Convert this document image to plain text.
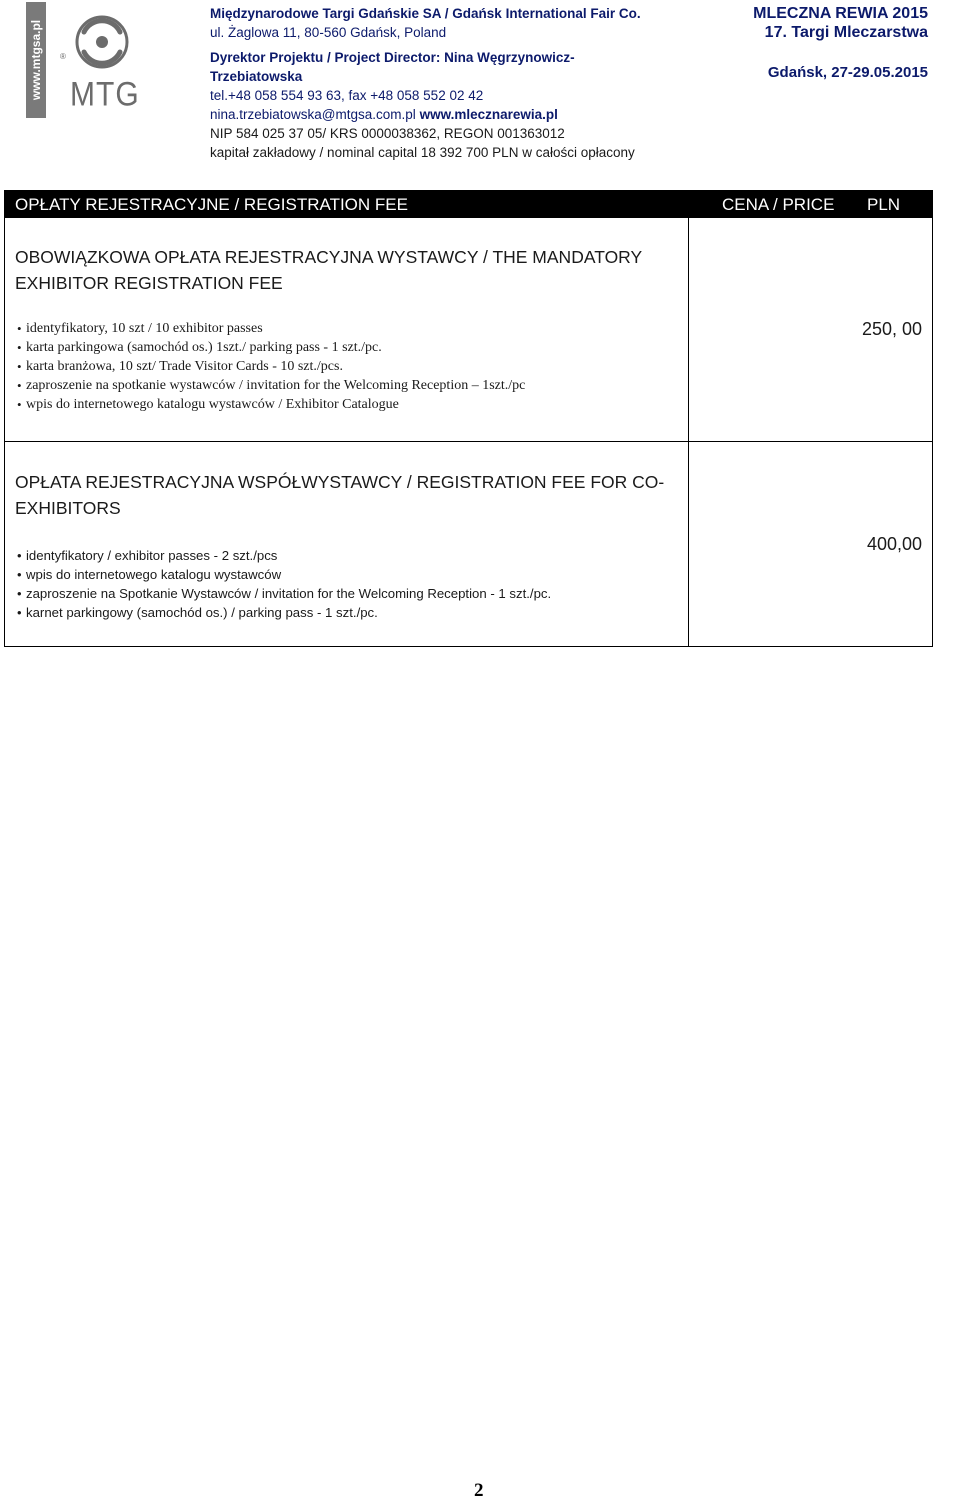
www.mtgsa.pl ®
MTG
Międzynarodowe Targi Gdańskie SA / Gdańsk International Fair Co.
ul. Żaglowa 11, 80-560 Gdańsk, Poland
Dyrektor Projektu / Project Director: Nina Węgrzynowicz-
Trzebiatowska
tel.+48 058 554 93 63, fax +48 058 552 02 42
nina.trzebiatowska@mtgsa.com.pl www.mlecznarewia.pl
NIP 584 025 37 05/ KRS 0000038362, REGON 001363012
kapitał zakładowy / nominal capital 18 392 700 PLN w całości opłacony
MLECZNA REWIA 2015
17. Targi Mleczarstwa
Gdańsk, 27-29.05.2015
OPŁATY REJESTRACYJNE / REGISTRATION FEE	CENA / PRICE PLN
OBOWIĄZKOWA OPŁATA REJESTRACYJNA WYSTAWCY / THE MANDATORY
EXHIBITOR REGISTRATION FEE
• identyfikatory, 10 szt / 10 exhibitor passes
• karta parkingowa (samochód os.) 1szt./ parking pass - 1 szt./pc.
• karta branżowa, 10 szt/ Trade Visitor Cards - 10 szt./pcs.
• zaproszenie na spotkanie wystawców / invitation for the Welcoming Reception – 1szt./pc
• wpis do internetowego katalogu wystawców / Exhibitor Catalogue
250, 00
OPŁATA REJESTRACYJNA WSPÓŁWYSTAWCY / REGISTRATION FEE FOR CO-
EXHIBITORS
• identyfikatory / exhibitor passes - 2 szt./pcs
• wpis do internetowego katalogu wystawców
• zaproszenie na Spotkanie Wystawców / invitation for the Welcoming Reception - 1 szt./pc.
• karnet parkingowy (samochód os.) / parking pass - 1 szt./pc.
400,00
2
